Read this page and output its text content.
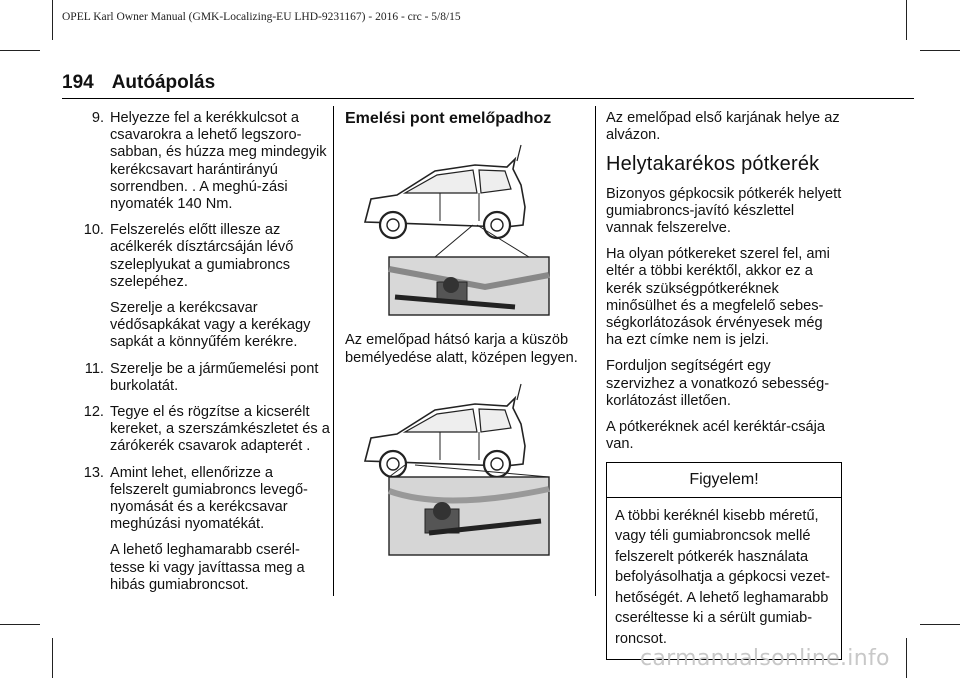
OPEL Karl Owner Manual (GMK-Localizing-EU LHD-9231167) - 2016 - crc - 5/8/15
194 Autóápolás
9. Helyezze fel a kerékkulcsot a csavarokra a lehető legszoro-sabban, és húzza meg mindegyik kerékcsavart harántirányú sorrendben. . A meghú-zási nyomaték 140 Nm.

10. Felszerelés előtt illesze az acélkerék dísztárcsáján lévő szeleplyukat a gumiabroncs szelepéhez.

Szerelje a kerékcsavar védősapkákat vagy a kerékagy sapkát a könnyűfém kerékre.

11. Szerelje be a járműemelési pont burkolatát.

12. Tegye el és rögzítse a kicserélt kereket, a szerszámkészletet és a zárókerék csavarok adapterét .

13. Amint lehet, ellenőrizze a felszerelt gumiabroncs levegő-nyomását és a kerékcsavar meghúzási nyomatékát.

A lehető leghamarabb cserél-tesse ki vagy javíttassa meg a hibás gumiabroncsot.

Emelési pont emelőpadhoz
Az emelőpad hátsó karja a küszöb bemélyedése alatt, középen legyen.

Az emelőpad első karjának helye az alvázon.

Helytakarékos pótkerék

Bizonyos gépkocsik pótkerék helyett gumiabroncs-javító készlettel vannak felszerelve.

Ha olyan pótkereket szerel fel, ami eltér a többi keréktől, akkor ez a kerék szükségpótkeréknek minősülhet és a megfelelő sebes-ségkorlátozások érvényesek még ha ezt címke nem is jelzi.

Forduljon segítségért egy szervizhez a vonatkozó sebesség-korlátozást illetően.

A pótkeréknek acél keréktár-csája van.

Figyelem!
A többi keréknél kisebb méretű, vagy téli gumiabroncsok mellé felszerelt pótkerék használata befolyásolhatja a gépkocsi vezet-hetőségét. A lehető leghamarabb cseréltesse ki a sérült gumiab-roncsot.
carmanualsonline.info
